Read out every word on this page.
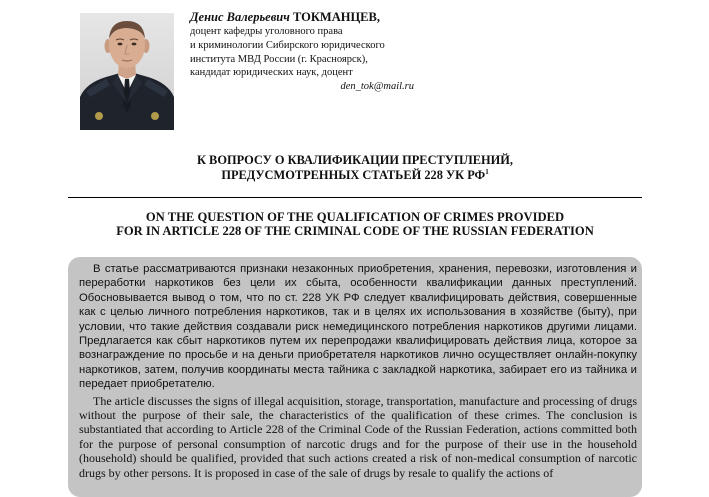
Денис Валерьевич ТОКМАНЦЕВ,
доцент кафедры уголовного права
и криминологии Сибирского юридического
института МВД России (г. Красноярск),
кандидат юридических наук, доцент
den_tok@mail.ru
К ВОПРОСУ О КВАЛИФИКАЦИИ ПРЕСТУПЛЕНИЙ,
ПРЕДУСМОТРЕННЫХ СТАТЬЕЙ 228 УК $РФ^1$
ON THE QUESTION OF THE QUALIFICATION OF CRIMES PROVIDED
FOR IN ARTICLE 228 OF THE CRIMINAL CODE OF THE RUSSIAN FEDERATION

В статье рассматриваются признаки незаконных приобретения, хранения, перевозки, изготовления и переработки наркотиков без цели их сбыта, особенности квалификации данных преступлений. Обосновывается вывод о том, что по ст. 228 УК РФ следует квалифицировать действия, совершенные как с целью личного потребления наркотиков, так и в целях их использования в хозяйстве (быту), при условии, что такие действия создавали риск немедицинского потребления наркотиков другими лицами. Предлагается как сбыт наркотиков путем их перепродажи квалифицировать действия лица, которое за вознаграждение по просьбе и на деньги приобретателя наркотиков лично осуществляет онлайн-покупку наркотиков, затем, получив координаты места тайника с закладкой наркотика, забирает его из тайника и передает приобретателю.

The article discusses the signs of illegal acquisition, storage, transportation, manufacture and processing of drugs without the purpose of their sale, the characteristics of the qualification of these crimes. The conclusion is substantiated that according to Article 228 of the Criminal Code of the Russian Federation, actions committed both for the purpose of personal consumption of narcotic drugs and for the purpose of their use in the household (household) should be qualified, provided that such actions created a risk of non-medical consumption of narcotic drugs by other persons. It is proposed in case of the sale of drugs by resale to qualify the actions of
